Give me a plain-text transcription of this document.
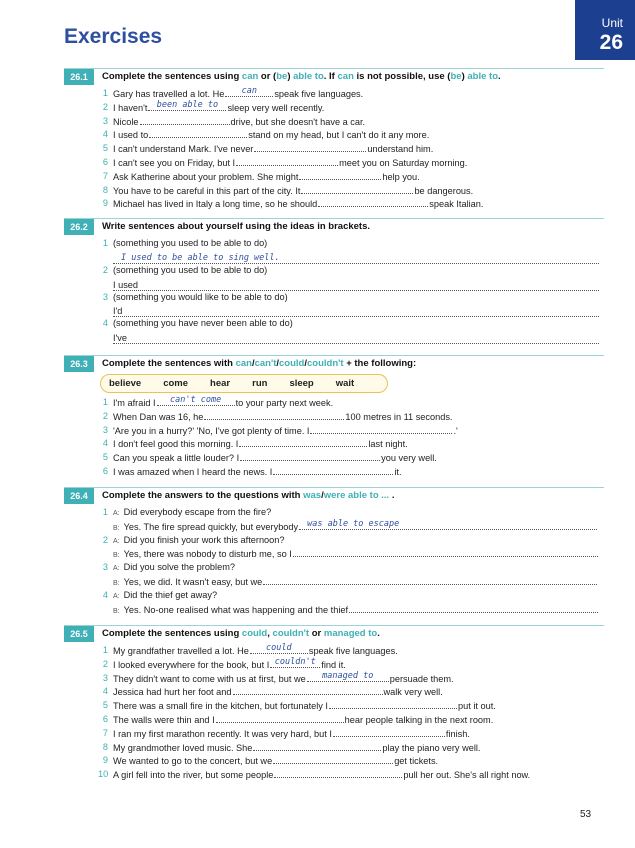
Exercises
Unit
26
26.1	Complete the sentences using can or (be) able to. If can is not possible, use (be) able to.
1 Gary has travelled a lot. He	can	speak five languages.
2 I haven't	been able to	sleep very well recently.
3 Nicole	drive, but she doesn't have a car.
4 I used to	stand on my head, but I can't do it any more.
5 I can't understand Mark. I've never	understand him.
6 I can't see you on Friday, but I	meet you on Saturday morning.
7 Ask Katherine about your problem. She might	help you.
8 You have to be careful in this part of the city. It	be dangerous.
9 Michael has lived in Italy a long time, so he should	speak Italian.
26.2	Write sentences about yourself using the ideas in brackets.
1 (something you used to be able to do)
I used to be able to sing well.
2 (something you used to be able to do)
I used
3 (something you would like to be able to do)
I'd
4 (something you have never been able to do)
I've
26.3	Complete the sentences with can/can't/could/couldn't + the following:
believe come hear run sleep wait
1 I'm afraid I	can't come	to your party next week.
2 When Dan was 16, he	100 metres in 11 seconds.
3 'Are you in a hurry?' 'No, I've got plenty of time. I	.'
4 I don't feel good this morning. I	last night.
5 Can you speak a little louder? I	you very well.
6 I was amazed when I heard the news. I	it.
26.4	Complete the answers to the questions with was/were able to ... .
1 A: Did everybody escape from the fire?
B: Yes. The fire spread quickly, but everybody	was able to escape
2 A: Did you finish your work this afternoon?
B: Yes, there was nobody to disturb me, so I
3 A: Did you solve the problem?
B: Yes, we did. It wasn't easy, but we
4 A: Did the thief get away?
B: Yes. No-one realised what was happening and the thief
26.5	Complete the sentences using could, couldn't or managed to.
1 My grandfather travelled a lot. He	could	speak five languages.
2 I looked everywhere for the book, but I couldn't find it.
3 They didn't want to come with us at first, but we	managed to	persuade them.
4 Jessica had hurt her foot and	walk very well.
5 There was a small fire in the kitchen, but fortunately I	put it out.
6 The walls were thin and I	hear people talking in the next room.
7 I ran my first marathon recently. It was very hard, but I	finish.
8 My grandmother loved music. She	play the piano very well.
9 We wanted to go to the concert, but we	get tickets.
10 A girl fell into the river, but some people	pull her out. She's all right now.
53
